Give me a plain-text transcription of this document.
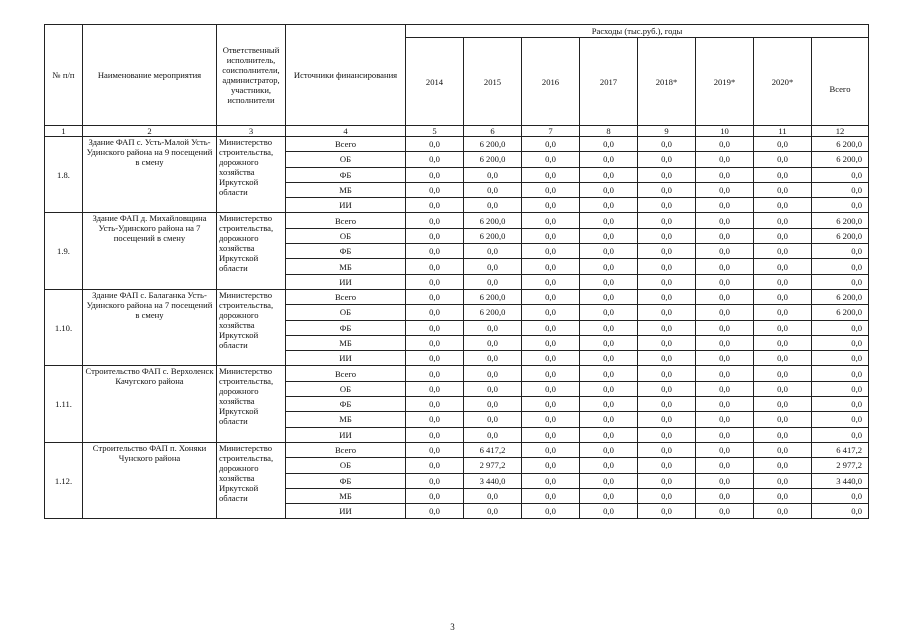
№ п/п	Наименование мероприятия	Ответственный исполнитель, соисполнители, администратор, участники, исполнители	Источники финансирования	Расходы (тыс.руб.), годы							
				2014	2015	2016	2017	2018*	2019*	2020*	Всего
1	2	3	4	5	6	7	8	9	10	11	12
1.8.	Здание ФАП с. Усть-Малой Усть-Удинского района на 9 посещений в смену	Министерство строительства, дорожного хозяйства Иркутской области	Всего	0,0	6 200,0	0,0	0,0	0,0	0,0	0,0	6 200,0
			ОБ	0,0	6 200,0	0,0	0,0	0,0	0,0	0,0	6 200,0
			ФБ	0,0	0,0	0,0	0,0	0,0	0,0	0,0	0,0
			МБ	0,0	0,0	0,0	0,0	0,0	0,0	0,0	0,0
			ИИ	0,0	0,0	0,0	0,0	0,0	0,0	0,0	0,0
1.9.	Здание ФАП д. Михайловщина Усть-Удинского района на 7 посещений в смену	Министерство строительства, дорожного хозяйства Иркутской области	Всего	0,0	6 200,0	0,0	0,0	0,0	0,0	0,0	6 200,0
			ОБ	0,0	6 200,0	0,0	0,0	0,0	0,0	0,0	6 200,0
			ФБ	0,0	0,0	0,0	0,0	0,0	0,0	0,0	0,0
			МБ	0,0	0,0	0,0	0,0	0,0	0,0	0,0	0,0
			ИИ	0,0	0,0	0,0	0,0	0,0	0,0	0,0	0,0
1.10.	Здание ФАП с. Балаганка Усть-Удинского района на 7 посещений в смену	Министерство строительства, дорожного хозяйства Иркутской области	Всего	0,0	6 200,0	0,0	0,0	0,0	0,0	0,0	6 200,0
			ОБ	0,0	6 200,0	0,0	0,0	0,0	0,0	0,0	6 200,0
			ФБ	0,0	0,0	0,0	0,0	0,0	0,0	0,0	0,0
			МБ	0,0	0,0	0,0	0,0	0,0	0,0	0,0	0,0
			ИИ	0,0	0,0	0,0	0,0	0,0	0,0	0,0	0,0
1.11.	Строительство ФАП с. Верхоленск Качугского района	Министерство строительства, дорожного хозяйства Иркутской области	Всего	0,0	0,0	0,0	0,0	0,0	0,0	0,0	0,0
			ОБ	0,0	0,0	0,0	0,0	0,0	0,0	0,0	0,0
			ФБ	0,0	0,0	0,0	0,0	0,0	0,0	0,0	0,0
			МБ	0,0	0,0	0,0	0,0	0,0	0,0	0,0	0,0
			ИИ	0,0	0,0	0,0	0,0	0,0	0,0	0,0	0,0
1.12.	Строительство ФАП п. Хоняки Чунского района	Министерство строительства, дорожного хозяйства Иркутской области	Всего	0,0	6 417,2	0,0	0,0	0,0	0,0	0,0	6 417,2
			ОБ	0,0	2 977,2	0,0	0,0	0,0	0,0	0,0	2 977,2
			ФБ	0,0	3 440,0	0,0	0,0	0,0	0,0	0,0	3 440,0
			МБ	0,0	0,0	0,0	0,0	0,0	0,0	0,0	0,0
			ИИ	0,0	0,0	0,0	0,0	0,0	0,0	0,0	0,0
3
